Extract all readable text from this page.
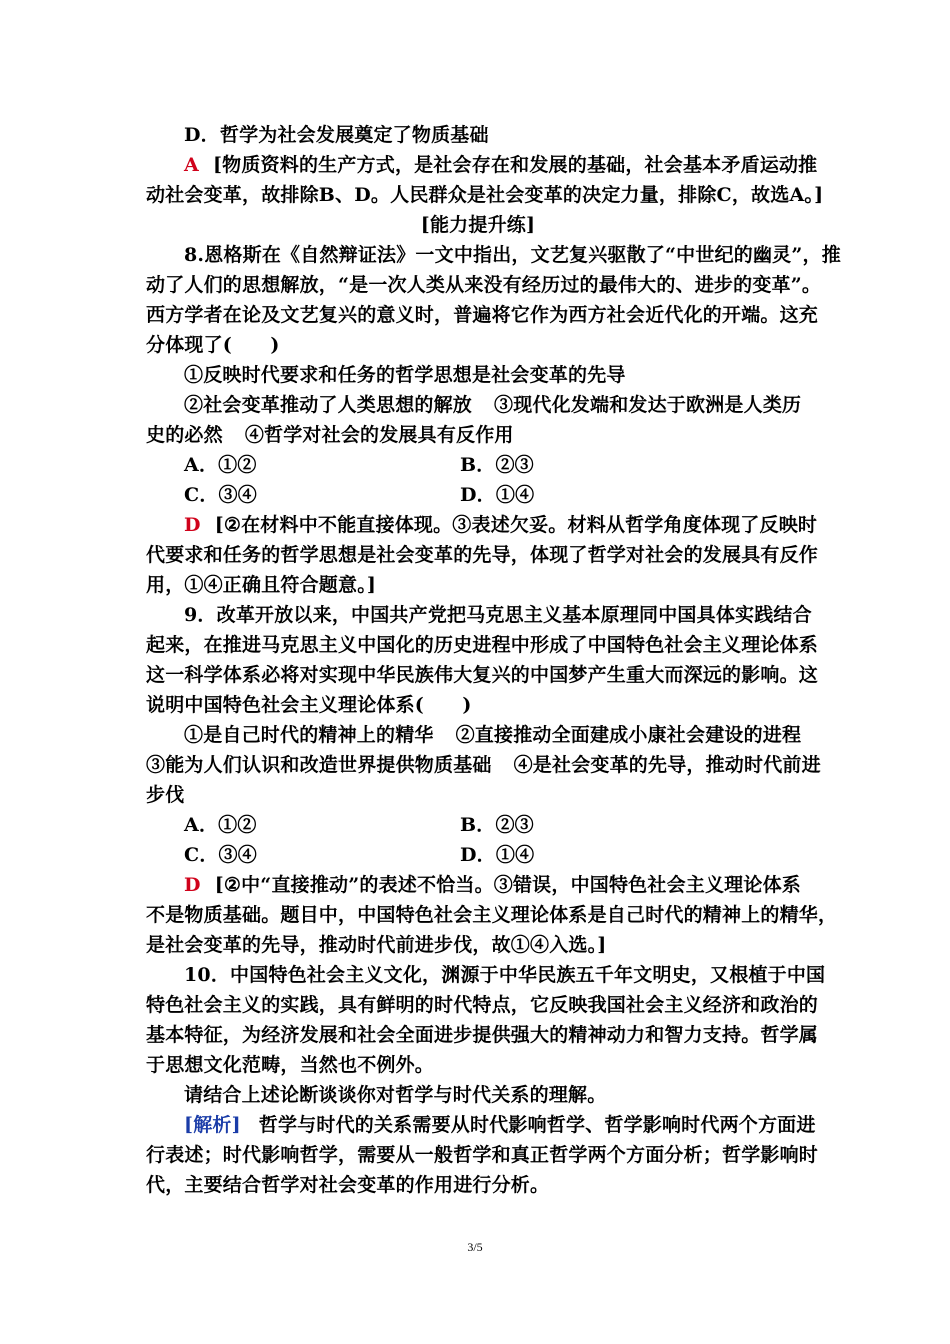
D．哲学为社会发展奠定了物质基础
A [物质资料的生产方式，是社会存在和发展的基础，社会基本矛盾运动推
动社会变革，故排除B、D。人民群众是社会变革的决定力量，排除C，故选A。]
[能力提升练]
8.恩格斯在《自然辩证法》一文中指出，文艺复兴驱散了“中世纪的幽灵”，推
动了人们的思想解放，“是一次人类从来没有经历过的最伟大的、进步的变革”。
西方学者在论及文艺复兴的意义时，普遍将它作为西方社会近代化的开端。这充
分体现了(　　)
①反映时代要求和任务的哲学思想是社会变革的先导
②社会变革推动了人类思想的解放 ③现代化发端和发达于欧洲是人类历
史的必然 ④哲学对社会的发展具有反作用
A．①②	B．②③
C．③④	D．①④
D [②在材料中不能直接体现。③表述欠妥。材料从哲学角度体现了反映时
代要求和任务的哲学思想是社会变革的先导，体现了哲学对社会的发展具有反作
用，①④正确且符合题意。]
9．改革开放以来，中国共产党把马克思主义基本原理同中国具体实践结合
起来，在推进马克思主义中国化的历史进程中形成了中国特色社会主义理论体系
这一科学体系必将对实现中华民族伟大复兴的中国梦产生重大而深远的影响。这
说明中国特色社会主义理论体系(　　)
①是自己时代的精神上的精华 ②直接推动全面建成小康社会建设的进程
③能为人们认识和改造世界提供物质基础 ④是社会变革的先导，推动时代前进
步伐
A．①②	B．②③
C．③④	D．①④
D [②中“直接推动”的表述不恰当。③错误，中国特色社会主义理论体系
不是物质基础。题目中，中国特色社会主义理论体系是自己时代的精神上的精华，
是社会变革的先导，推动时代前进步伐，故①④入选。]
10．中国特色社会主义文化，渊源于中华民族五千年文明史，又根植于中国
特色社会主义的实践，具有鲜明的时代特点，它反映我国社会主义经济和政治的
基本特征，为经济发展和社会全面进步提供强大的精神动力和智力支持。哲学属
于思想文化范畴，当然也不例外。
请结合上述论断谈谈你对哲学与时代关系的理解。
[解析] 哲学与时代的关系需要从时代影响哲学、哲学影响时代两个方面进
行表述；时代影响哲学，需要从一般哲学和真正哲学两个方面分析；哲学影响时
代，主要结合哲学对社会变革的作用进行分析。
3/5
